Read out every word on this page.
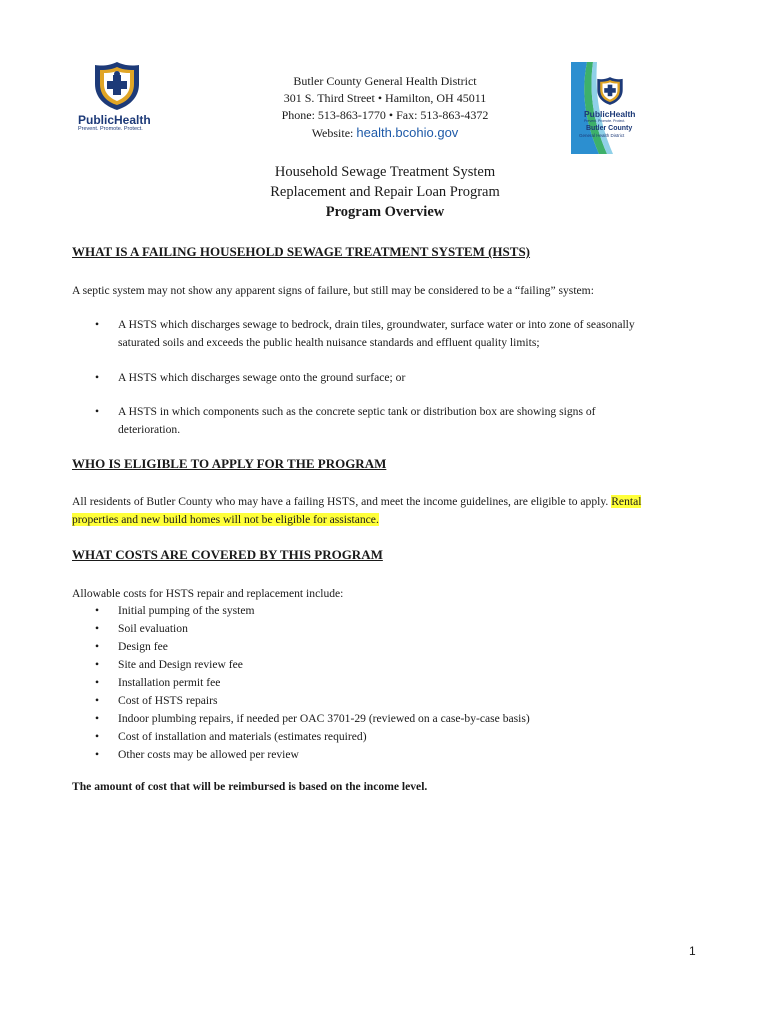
PublicHealth
Prevent. Promote. Protect.
PublicHealth
Prevent. Promote. Protect.
Butler County
General Health District
Butler County General Health District
301 S. Third Street • Hamilton, OH 45011
Phone: 513-863-1770 • Fax: 513-863-4372
Website: health.bcohio.gov
Household Sewage Treatment System
Replacement and Repair Loan Program
Program Overview
WHAT IS A FAILING HOUSEHOLD SEWAGE TREATMENT SYSTEM (HSTS)
A septic system may not show any apparent signs of failure, but still may be considered to be a “failing” system:
• A HSTS which discharges sewage to bedrock, drain tiles, groundwater, surface water or into zone of seasonally
saturated soils and exceeds the public health nuisance standards and effluent quality limits;
• A HSTS which discharges sewage onto the ground surface; or
• A HSTS in which components such as the concrete septic tank or distribution box are showing signs of
deterioration.
WHO IS ELIGIBLE TO APPLY FOR THE PROGRAM
All residents of Butler County who may have a failing HSTS, and meet the income guidelines, are eligible to apply. Rental
properties and new build homes will not be eligible for assistance.
WHAT COSTS ARE COVERED BY THIS PROGRAM
Allowable costs for HSTS repair and replacement include:
• Initial pumping of the system
• Soil evaluation
• Design fee
• Site and Design review fee
• Installation permit fee
• Cost of HSTS repairs
• Indoor plumbing repairs, if needed per OAC 3701-29 (reviewed on a case-by-case basis)
• Cost of installation and materials (estimates required)
• Other costs may be allowed per review
The amount of cost that will be reimbursed is based on the income level.
1
